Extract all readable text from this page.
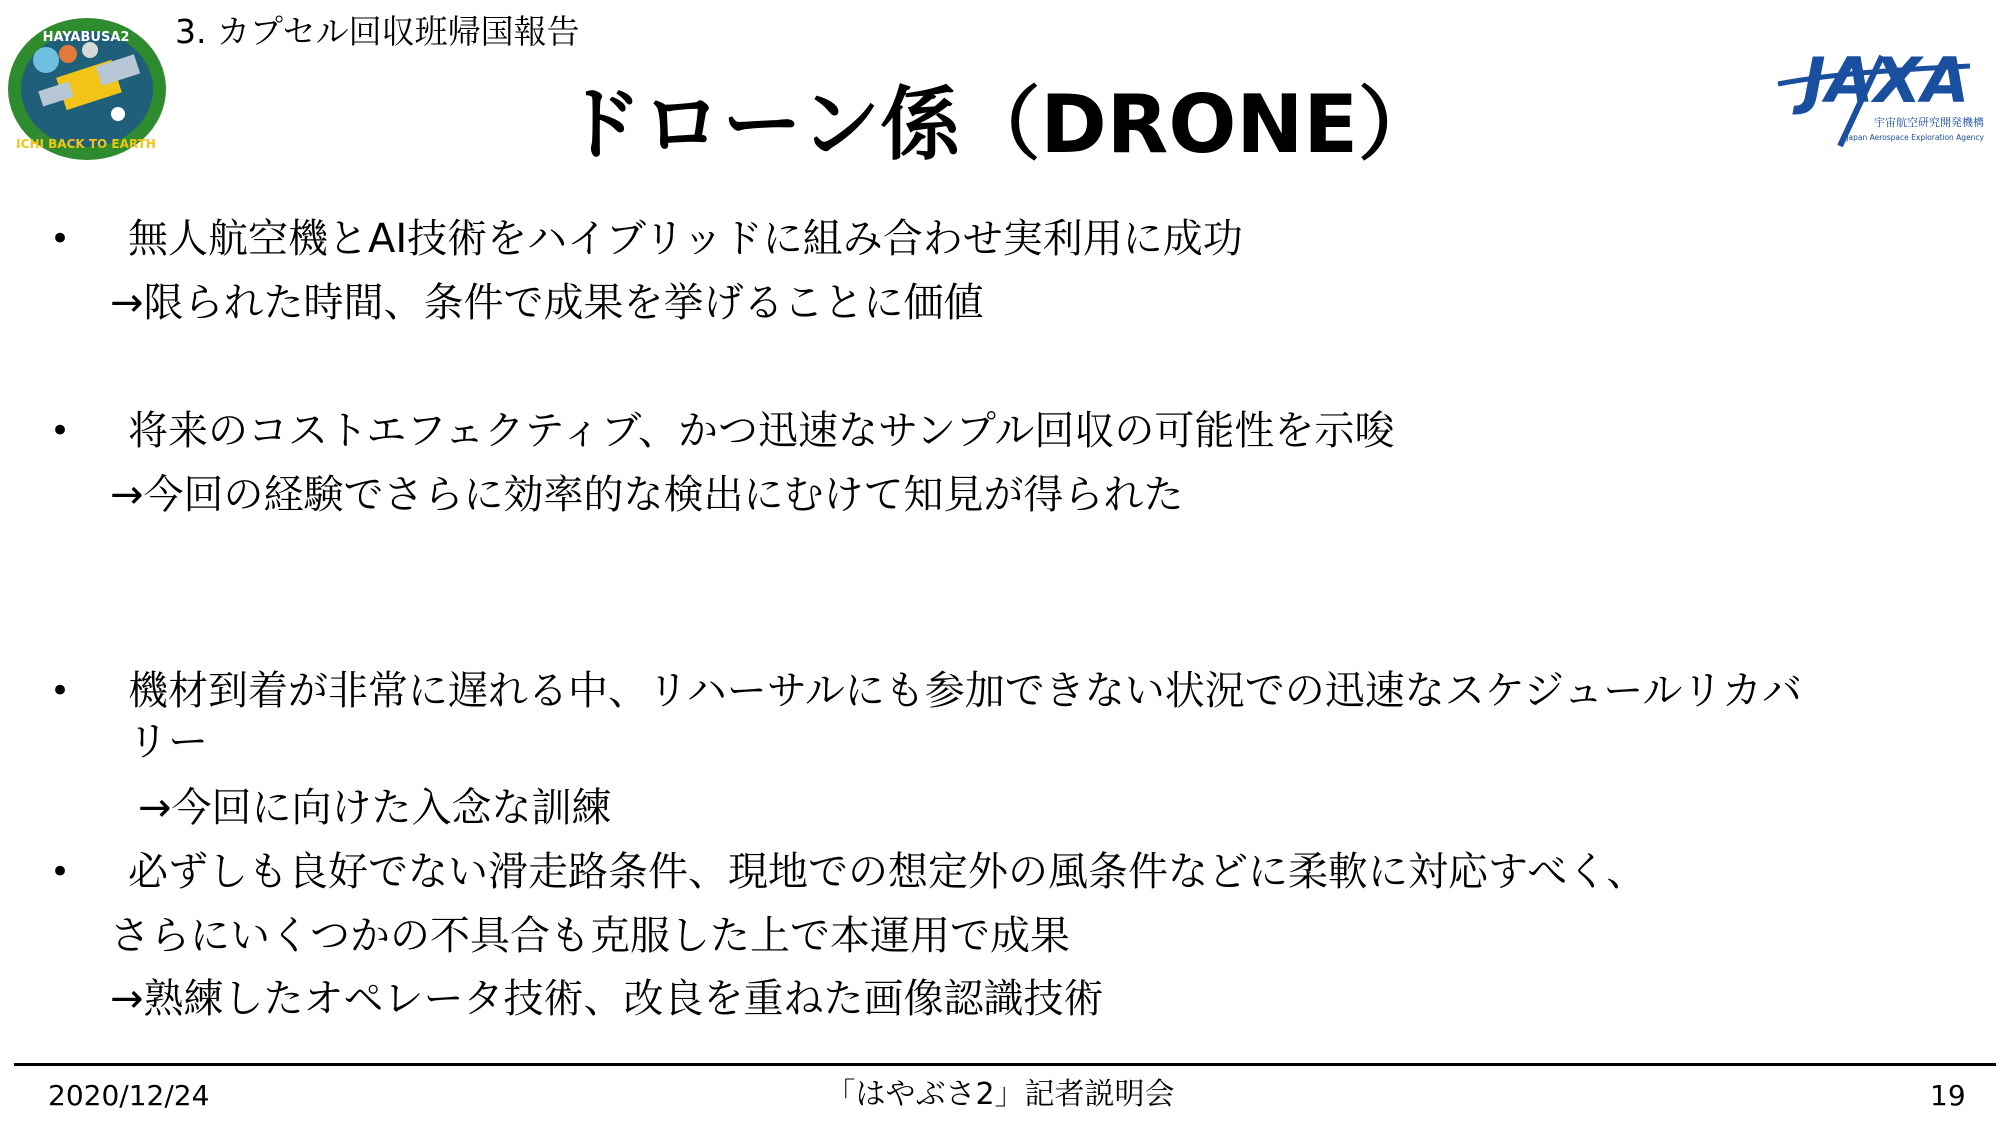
HAYABUSA2
ICHI BACK TO EARTH
3. カプセル回収班帰国報告
ドローン係（DRONE）	JAXA
宇宙航空研究開発機構
Japan Aerospace Exploration Agency
• 無人航空機とAI技術をハイブリッドに組み合わせ実利用に成功
→限られた時間、条件で成果を挙げることに価値
• 将来のコストエフェクティブ、かつ迅速なサンプル回収の可能性を示唆
→今回の経験でさらに効率的な検出にむけて知見が得られた
• 機材到着が非常に遅れる中、リハーサルにも参加できない状況での迅速なスケジュールリカバ
リー
→今回に向けた入念な訓練
• 必ずしも良好でない滑走路条件、現地での想定外の風条件などに柔軟に対応すべく、
さらにいくつかの不具合も克服した上で本運用で成果
→熟練したオペレータ技術、改良を重ねた画像認識技術
2020/12/24	「はやぶさ2」記者説明会	19
